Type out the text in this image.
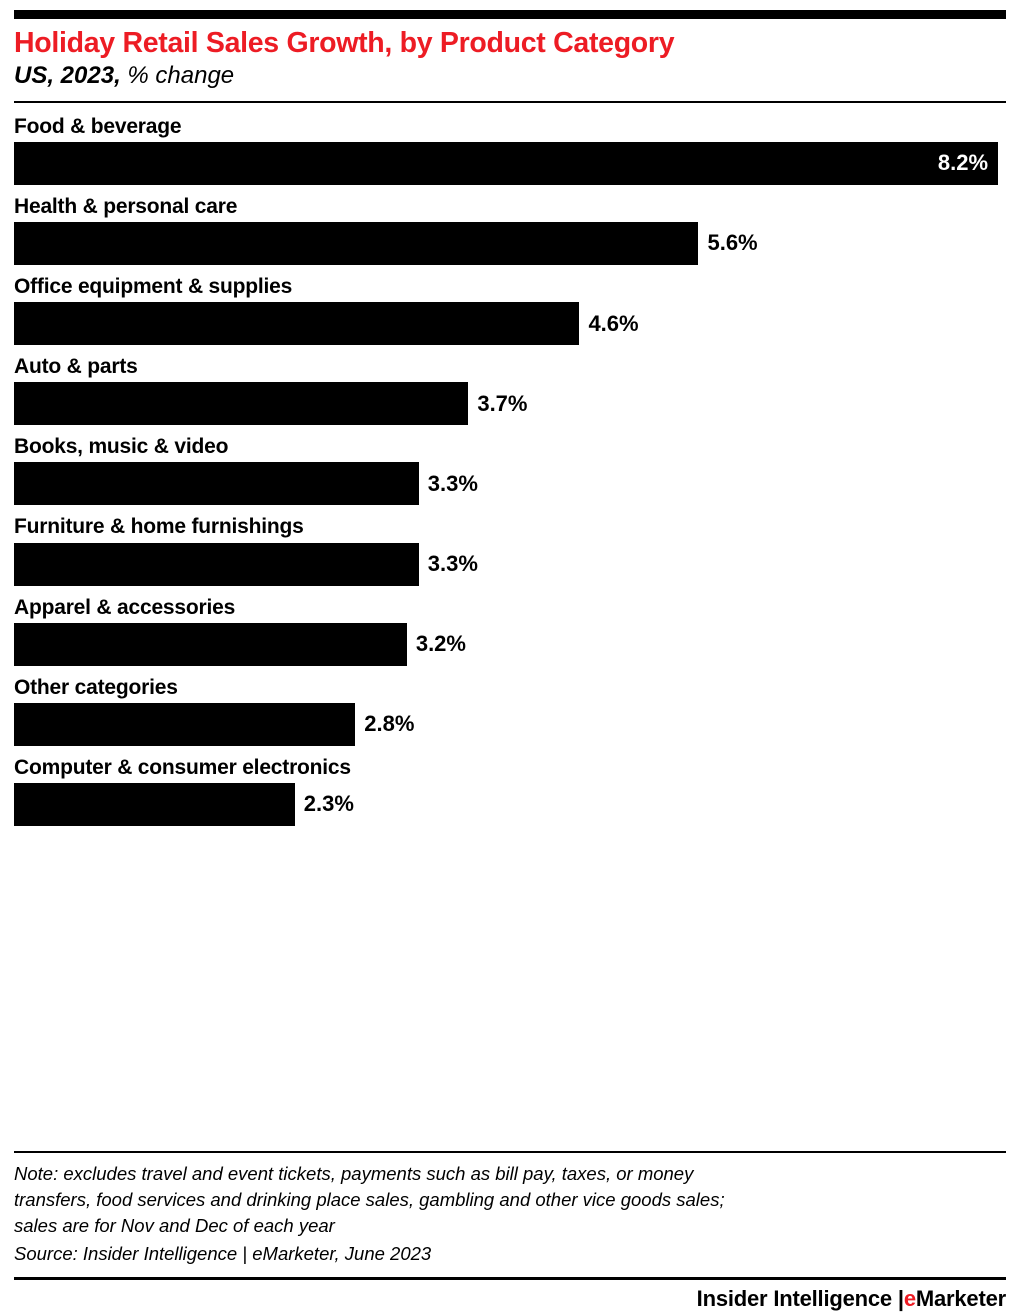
Holiday Retail Sales Growth, by Product Category
US, 2023, % change
Food & beverage
8.2%
Health & personal care
5.6%
Office equipment & supplies
4.6%
Auto & parts
3.7%
Books, music & video
3.3%
Furniture & home furnishings
3.3%
Apparel & accessories
3.2%
Other categories
2.8%
Computer & consumer electronics
2.3%
Note: excludes travel and event tickets, payments such as bill pay, taxes, or money
transfers, food services and drinking place sales, gambling and other vice goods sales;
sales are for Nov and Dec of each year
Source: Insider Intelligence | eMarketer, June 2023
Insider Intelligence |eMarketer
